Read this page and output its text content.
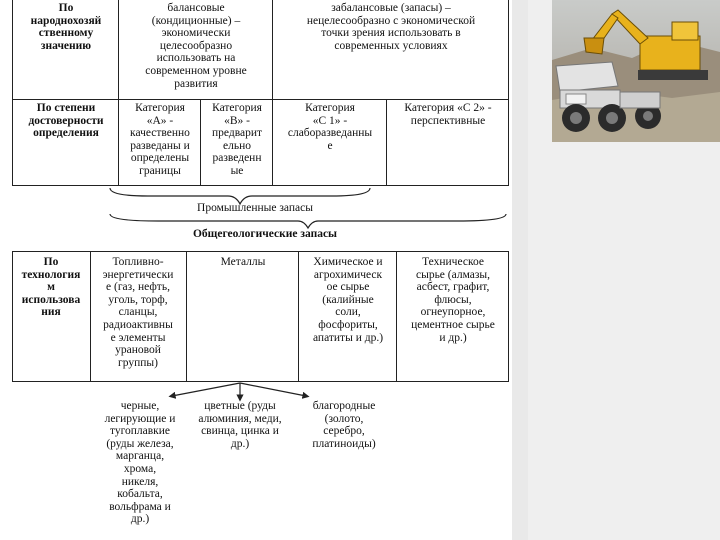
По
народнохозяй
ственному
значению
балансовые
(кондиционные) –
экономически
целесообразно
использовать на
современном уровне
развития
забалансовые (запасы) –
нецелесообразно с экономической
точки зрения использовать в
современных условиях
По степени
достоверности
определения
Категория
«А» -
качественно
разведаны и
определены
границы
Категория
«В» -
предварит
ельно
разведенн
ые
Категория
«С 1» -
слаборазведанны
е
Категория «С 2» -
перспективные
Промышленные запасы
Общегеологические запасы
По
технология
м
использова
ния
Топливно-
энергетически
е (газ, нефть,
уголь, торф,
сланцы,
радиоактивны
е элементы
урановой
группы)
Металлы	Химическое и
агрохимическ
ое сырье
(калийные
соли,
фосфориты,
апатиты и др.)
Техническое
сырье (алмазы,
асбест, графит,
флюсы,
огнеупорное,
цементное сырье
и др.)
черные,
легирующие и
тугоплавкие
(руды железа,
марганца,
хрома,
никеля,
кобальта,
вольфрама и
др.)
цветные (руды
алюминия, меди,
свинца, цинка и
др.)
благородные
(золото,
серебро,
платиноиды)
